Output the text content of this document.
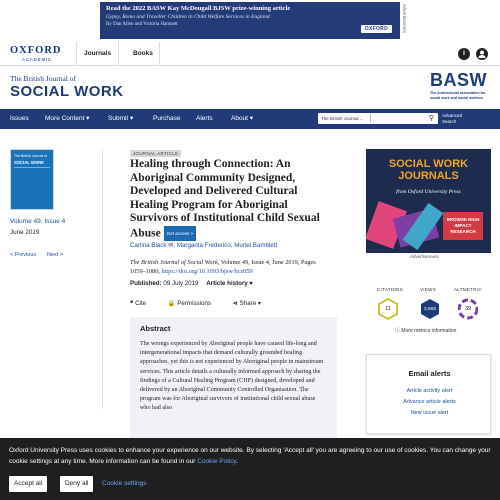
Read the 2022 BASW Kay McDougall BJSW prize-winning article
Gypsy, Roma and Traveller Children in Child Welfare Services in England
By Dan Allen and Victoria Hamnett
OXFORD	Advertisement
OXFORD
ACADEMIC
Journals	Books	i
The British Journal of
SOCIAL WORK
BASW
The professional association for social work and social workers
Issues More Content ▾	Submit ▾	Purchase Alerts	About ▾	The British Journal ...	⚲	Advanced
Search
The British Journal of
SOCIAL WORK
Volume 49, Issue 4
June 2019
< Previous Next >
JOURNAL ARTICLE
Healing through Connection: An Aboriginal Community Designed, Developed and Delivered Cultural Healing Program for Aboriginal Survivors of Institutional Child Sexual Abuse Get access >
Carlina Black ✉, Margarita Frederico, Muriel Bamblett
The British Journal of Social Work, Volume 49, Issue 4, June 2019, Pages 1059–1080, https://doi.org/10.1093/bjsw/bcz059
Published: 09 July 2019 Article history ▾
❝ Cite	🔒 Permissions	⋖ Share ▾
Abstract

The wrongs experienced by Aboriginal people have caused life-long and intergenerational impacts that demand culturally grounded healing approaches, yet this is not experienced by Aboriginal people in mainstream services. This article details a culturally informed approach by sharing the findings of a Cultural Healing Program (CHP) designed, developed and delivered by an Aboriginal Community Controlled Organisation. The program was for Aboriginal survivors of institutional child sexual abuse who had also

SOCIAL WORK
JOURNALS
from Oxford University Press
BROWSE HIGH IMPACT RESEARCH
Advertisement
CITATIONS	VIEWS	ALTMETRIC
11	2,665	39
ⓘ More metrics information
Email alerts
Article activity alert
Advance article alerts
New issue alert

Oxford University Press uses cookies to enhance your experience on our website. By selecting 'Accept all' you are agreeing to our use of cookies. You can change your cookie settings at any time. More information can be found in our Cookie Policy.

Accept all	Deny all	Cookie settings
